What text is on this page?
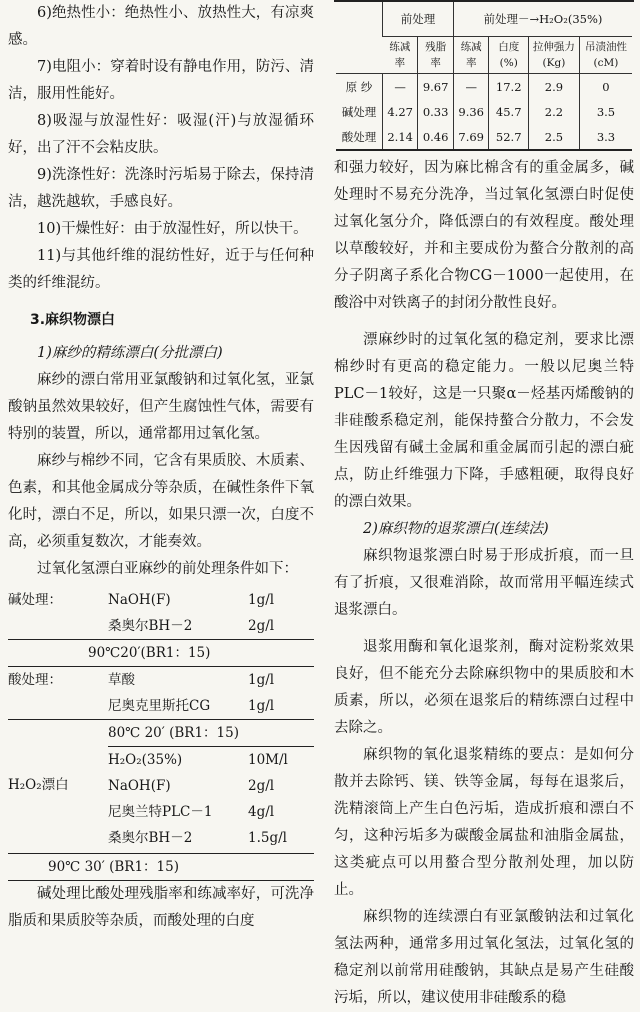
6)绝热性小：绝热性小、放热性大，有凉爽感。

7)电阻小：穿着时设有静电作用，防污、清洁，服用性能好。

8)吸湿与放湿性好：吸湿(汗)与放湿循环好，出了汗不会粘皮肤。

9)洗涤性好：洗涤时污垢易于除去，保持清洁，越洗越软，手感良好。

10)干燥性好：由于放湿性好，所以快干。

11)与其他纤维的混纺性好，近于与任何种类的纤维混纺。

3.麻织物漂白

1)麻纱的精练漂白(分批漂白)

麻纱的漂白常用亚氯酸钠和过氧化氢，亚氯酸钠虽然效果较好，但产生腐蚀性气体，需要有特别的装置，所以，通常都用过氧化氢。

麻纱与棉纱不同，它含有果质胶、木质素、色素，和其他金属成分等杂质，在碱性条件下氧化时，漂白不足，所以，如果只漂一次，白度不高，必须重复数次，才能奏效。

过氧化氢漂白亚麻纱的前处理条件如下：

碱处理：	NaOH(F)	1g/l
桑奥尔BH－2	2g/l
90℃20′(BR1：15)
酸处理：	草酸	1g/l
尼奥克里斯托CG	1g/l
H₂O₂漂白
80℃ 20′ (BR1：15)
H₂O₂(35%)	10M/l
NaOH(F)	2g/l
尼奥兰特PLC－1	4g/l
桑奥尔BH－2	1.5g/l
90℃ 30′ (BR1：15)

碱处理比酸处理残脂率和练减率好，可洗净脂质和果质胶等杂质，而酸处理的白度

	前处理		前处理－→H₂O₂(35%)			
	练减率	残脂率	练减率	白度(%)	拉伸强力(Kg)	吊渍油性(cM)
原 纱	—	9.67	—	17.2	2.9	0
碱处理	4.27	0.33	9.36	45.7	2.2	3.5
酸处理	2.14	0.46	7.69	52.7	2.5	3.3

和强力较好，因为麻比棉含有的重金属多，碱处理时不易充分洗净，当过氧化氢漂白时促使过氧化氢分介，降低漂白的有效程度。酸处理以草酸较好，并和主要成份为螯合分散剂的高分子阴离子系化合物CG－1000一起使用，在酸浴中对铁离子的封闭分散性良好。

漂麻纱时的过氧化氢的稳定剂，要求比漂棉纱时有更高的稳定能力。一般以尼奥兰特PLC－1较好，这是一只聚α－烃基丙烯酸钠的非硅酸系稳定剂，能保持螯合分散力，不会发生因残留有碱土金属和重金属而引起的漂白疵点，防止纤维强力下降，手感粗硬，取得良好的漂白效果。

2)麻织物的退浆漂白(连续法)

麻织物退浆漂白时易于形成折痕，而一旦有了折痕，又很难消除，故而常用平幅连续式退浆漂白。

退浆用酶和氧化退浆剂，酶对淀粉浆效果良好，但不能充分去除麻织物中的果质胶和木质素，所以，必须在退浆后的精练漂白过程中去除之。

麻织物的氧化退浆精练的要点：是如何分散并去除钙、镁、铁等金属，每每在退浆后，洗精滚筒上产生白色污垢，造成折痕和漂白不匀，这种污垢多为碳酸金属盐和油脂金属盐，这类疵点可以用螯合型分散剂处理，加以防止。

麻织物的连续漂白有亚氯酸钠法和过氧化氢法两种，通常多用过氧化氢法，过氧化氢的稳定剂以前常用硅酸钠，其缺点是易产生硅酸污垢，所以，建议使用非硅酸系的稳
